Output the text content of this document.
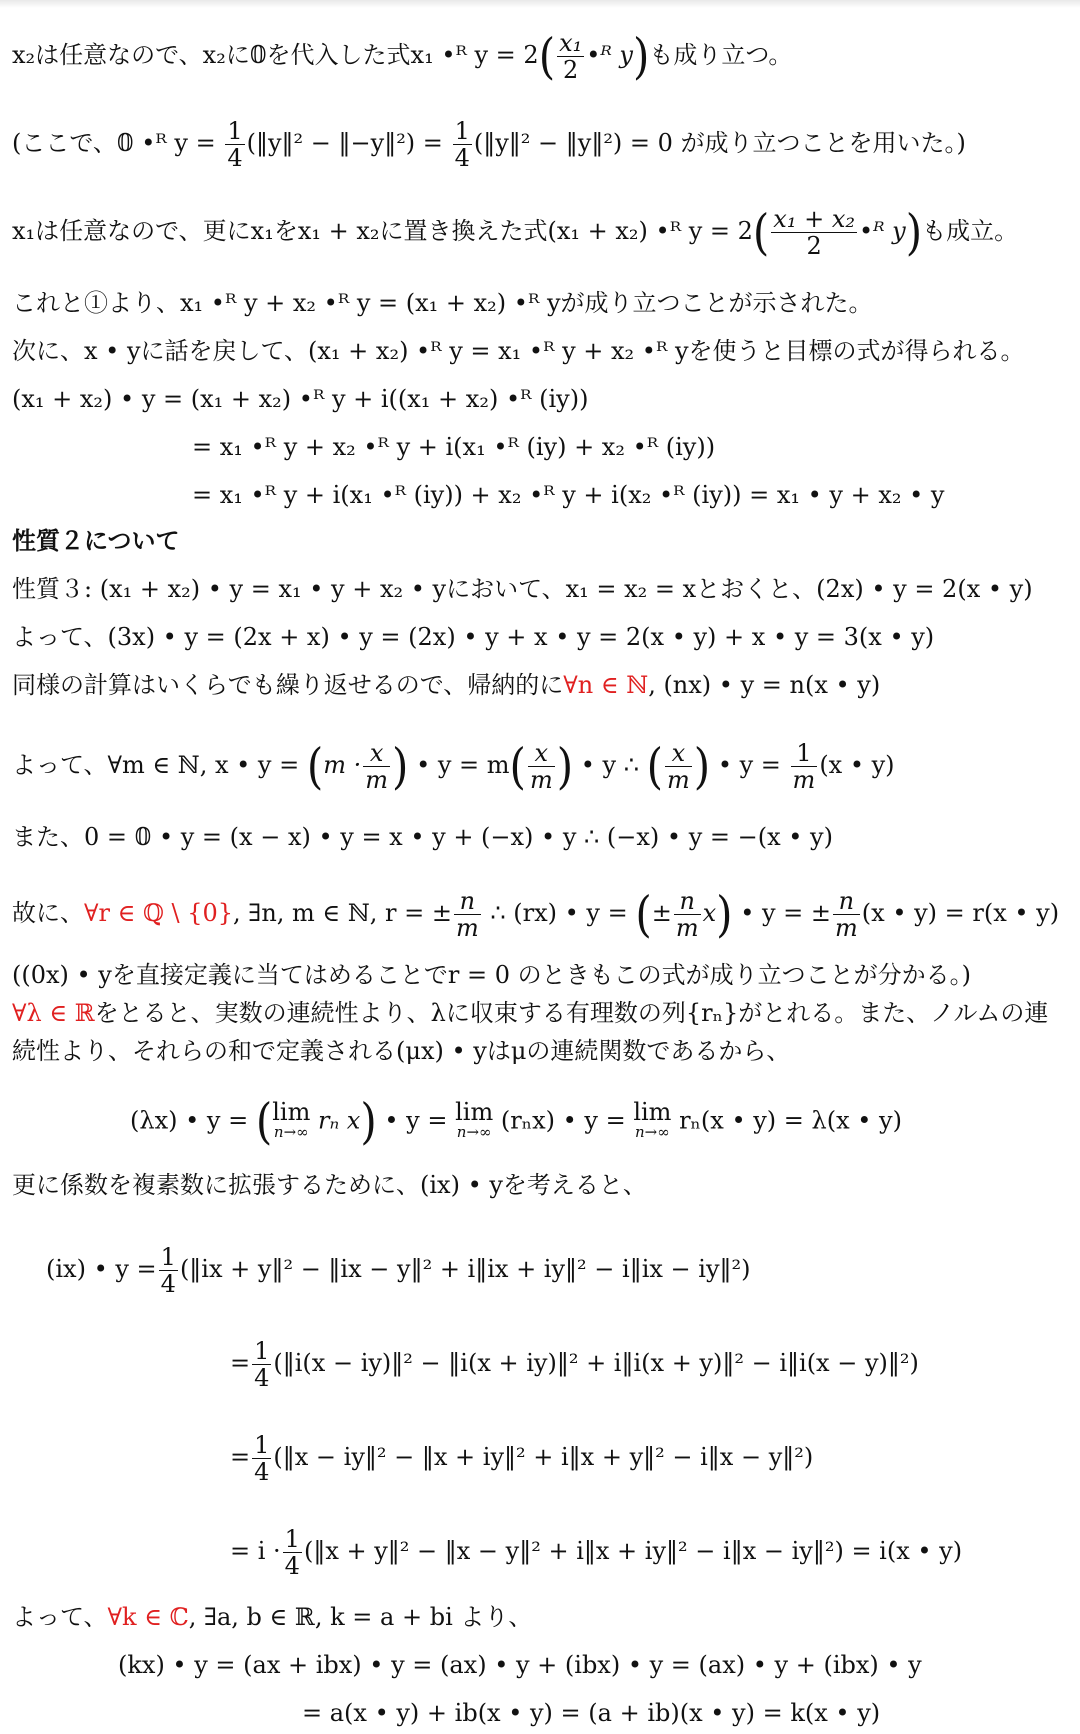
x₂は任意なので、x₂に𝟘を代入した式x₁ •ᴿ $y = 2( \frac{\text{x₁}}{2}$ •ᴿ y)も成り立つ。
(ここで、𝟘 •ᴿ $y = \frac{1}{4}$ (‖y‖² − ‖−y‖²) = $\frac{1}{4}$ (‖y‖² − ‖y‖²) = 0 が成り立つことを用いた。)
x₁は任意なので、更にx₁をx₁ + x₂に置き換えた式(x₁ + x₂) •ᴿ $y = 2( \frac{\text{x₁ + x₂}}{2}$ •ᴿ y)も成立。
これと①より、x₁ •ᴿ y + x₂ •ᴿ y = (x₁ + x₂) •ᴿ yが成り立つことが示された。
次に、x • yに話を戻して、(x₁ + x₂) •ᴿ y = x₁ •ᴿ y + x₂ •ᴿ yを使うと目標の式が得られる。
(x₁ + x₂) • y = (x₁ + x₂) •ᴿ y + i((x₁ + x₂) •ᴿ (iy))
= x₁ •ᴿ y + x₂ •ᴿ y + i(x₁ •ᴿ (iy) + x₂ •ᴿ (iy))
= x₁ •ᴿ y + i(x₁ •ᴿ (iy)) + x₂ •ᴿ y + i(x₂ •ᴿ (iy)) = x₁ • y + x₂ • y
性質２について
性質３: (x₁ + x₂) • y = x₁ • y + x₂ • yにおいて、x₁ = x₂ = xとおくと、(2x) • y = 2(x • y)
よって、(3x) • y = (2x + x) • y = (2x) • y + x • y = 2(x • y) + x • y = 3(x • y)
同様の計算はいくらでも繰り返せるので、帰納的に∀n ∈ ℕ, (nx) • y = n(x • y)
よって、∀m ∈ ℕ, x • $y = (m \cdot \frac{x}{m}$ ) • $y = m( \frac{x}{m}$ ) • y ∴ ( $\frac{x}{m}$ ) • $y = \frac{1}{m} (x$ • y)
また、0 = 𝟘 • y = (x − x) • y = x • y + (−x) • y ∴ (−x) • y = −(x • y)
故に、∀r ∈ ℚ \ {0}, ∃n, m ∈ ℕ, r = ± $\frac{n}{m}$ ∴ (rx) • y = (± $\frac{n}{m} x$) • y = ± $\frac{n}{m} (x$ • y) = r(x • y)
((0x) • yを直接定義に当てはめることでr = 0 のときもこの式が成り立つことが分かる。)
∀λ ∈ ℝをとると、実数の連続性より、λに収束する有理数の列{rₙ}がとれる。また、ノルムの連
続性より、それらの和で定義される(μx) • yはμの連続関数であるから、
(λx) • y = ( lim
n→∞ rₙ x) • y = lim
n→∞ (rₙx) • y = lim
n→∞ rₙ(x • y) = λ(x • y)
更に係数を複素数に拡張するために、(ix) • yを考えると、
(ix) • $y = \frac{1}{4}$ (‖ix + y‖² − ‖ix − y‖² + i‖ix + iy‖² − i‖ix − iy‖²)
= $\frac{1}{4}$ (‖i(x − iy)‖² − ‖i(x + iy)‖² + i‖i(x + y)‖² − i‖i(x − y)‖²)
= $\frac{1}{4}$ (‖x − iy‖² − ‖x + iy‖² + i‖x + y‖² − i‖x − y‖²)
= $i \cdot \frac{1}{4}$ (‖x + y‖² − ‖x − y‖² + i‖x + iy‖² − i‖x − iy‖²) = i(x • y)
よって、∀k ∈ ℂ, ∃a, b ∈ ℝ, k = a + bi より、
(kx) • y = (ax + ibx) • y = (ax) • y + (ibx) • y = (ax) • y + (ibx) • y
= a(x • y) + ib(x • y) = (a + ib)(x • y) = k(x • y)
